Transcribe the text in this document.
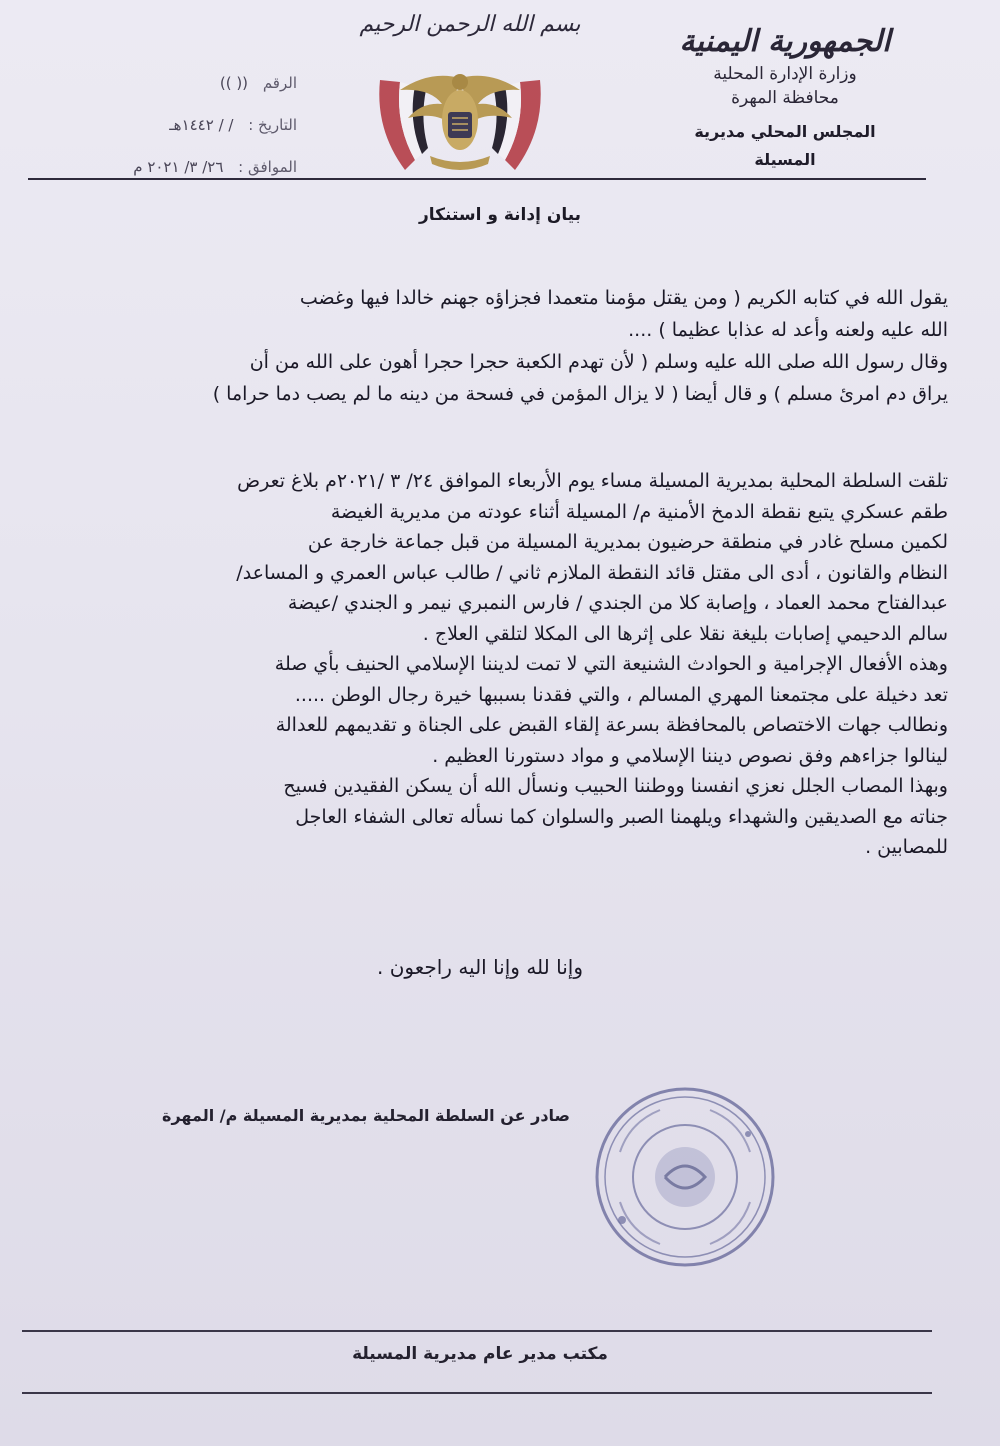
الجمهورية اليمنية
وزارة الإدارة المحلية
محافظة المهرة
المجلس المحلي مديرية المسيلة
بسم الله الرحمن الرحيم
الرقم (( ))
التاريخ : / / ١٤٤٢هـ
الموافق : ٢٦/ ٣/ ٢٠٢١ م
بيان إدانة و استنكار
يقول الله في كتابه الكريم ( ومن يقتل مؤمنا متعمدا فجزاؤه جهنم خالدا فيها وغضب
الله عليه ولعنه وأعد له عذابا عظيما ) ....
وقال رسول الله صلى الله عليه وسلم ( لأن تهدم الكعبة حجرا حجرا أهون على الله من أن
يراق دم امرئ مسلم ) و قال أيضا ( لا يزال المؤمن في فسحة من دينه ما لم يصب دما حراما )
تلقت السلطة المحلية بمديرية المسيلة مساء يوم الأربعاء الموافق ٢٤/ ٣ /٢٠٢١م بلاغ تعرض
طقم عسكري يتبع نقطة الدمخ الأمنية م/ المسيلة أثناء عودته من مديرية الغيضة
لكمين مسلح غادر في منطقة حرضيون بمديرية المسيلة من قبل جماعة خارجة عن
النظام والقانون ، أدى الى مقتل قائد النقطة الملازم ثاني / طالب عباس العمري و المساعد/
عبدالفتاح محمد العماد ، وإصابة كلا من الجندي / فارس النمبري نيمر و الجندي /عيضة
سالم الدحيمي إصابات بليغة نقلا على إثرها الى المكلا لتلقي العلاج .
وهذه الأفعال الإجرامية و الحوادث الشنيعة التي لا تمت لديننا الإسلامي الحنيف بأي صلة
تعد دخيلة على مجتمعنا المهري المسالم ، والتي فقدنا بسببها خيرة رجال الوطن .....
ونطالب جهات الاختصاص بالمحافظة بسرعة إلقاء القبض على الجناة و تقديمهم للعدالة
لينالوا جزاءهم وفق نصوص ديننا الإسلامي و مواد دستورنا العظيم .
وبهذا المصاب الجلل نعزي انفسنا ووطننا الحبيب ونسأل الله أن يسكن الفقيدين فسيح
جناته مع الصديقين والشهداء ويلهمنا الصبر والسلوان كما نسأله تعالى الشفاء العاجل
للمصابين .
وإنا لله وإنا اليه راجعون .
صادر عن السلطة المحلية بمديرية المسيلة م/ المهرة
مكتب مدير عام مديرية المسيلة
